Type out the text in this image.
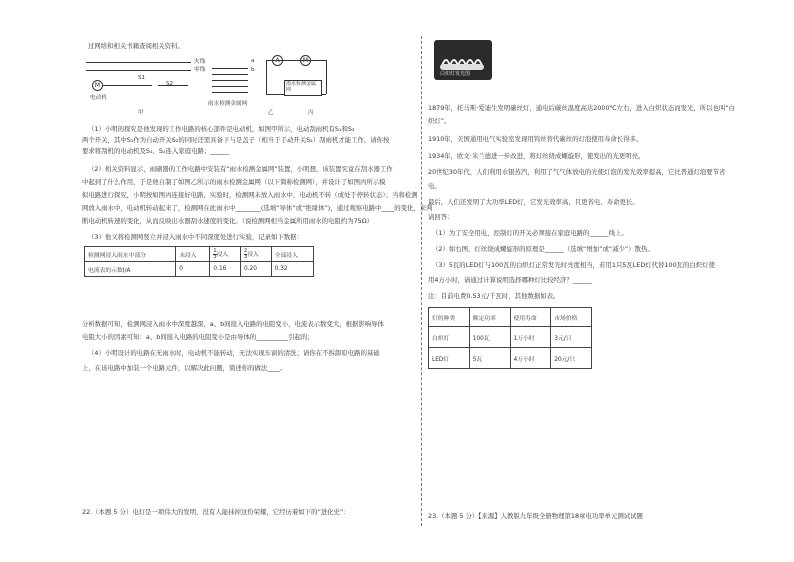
过网络和相关书籍查阅相关资料。
火线
零线
M
S1
S2
电动机
甲
a
b
雨水检测金属网
乙
A	M
雨水检测金属网
丙
（1）小明的探究是他发现的工作电路的核心部件是电动机，如图甲所示，电动刮雨机有S₁和S₂
两个开关，其中S₁作为自动开关S₂的同时还需具备下与是盖子（相当于手动开关S₂）刮雨机才能工作，请你按
要求将刮机的电动机及S₁、S₂连入家庭电路；______
（2）相关资料显示，雨刷器的工作电路中安装有“雨水检测金属网”装置，小明想，该装置究竟在刮水器工作
中起到了什么作用，于是他自制了如图乙所示的雨水检测金属网（以下简称检测网），并设计了如图丙所示模
拟电路进行探究，小明按如图丙连接好电路，实验时，检测网未放入雨水中，电动机不转（或处于停转状态）；当将检测
网放入雨水中，电动机转动起来了，检测网在此雨水中________(选填“导体”或“绝缘体”)，通过观察电路中____的变化，来判
断电动机转速的变化，从而反映出水器刮水速度的变化。（说检测网相当金属所用雨水的电阻约为75Ω）
（3）他又将检测网竖立并浸入雨水中不同深度处进行实验，记录如下数据：
检测网浸入雨水中部分	未浸入	$\frac{1}{3}$ 浸入	$\frac{2}{3}$ 浸入	全部浸入
电流表的示数I/A	0	0.16	0.20	0.32
分析数据可知，检测网浸入雨水中深度越深，a、b间接入电路的电阻变小，电流表示数变大，根据影响导体
电阻大小的因素可知：a、b间接入电路的电阻变小是由导体的__________引起的；
（4）小明设计的电路在无雨水时，电动机不能转动，无法实现车窗的清洗；请你在不拆卸原电路的基础
上，在该电路中加装一个电路元件，以解决此问题，简述你的做法____。
22.（本题 5 分）电灯是一项伟大的发明，没有人能抹掉这份荣耀，它经历着如下的“进化史”：
白炽灯发光图
1879年，托马斯·爱迪生发明碳丝灯，通电后碳丝温度高达2000℃左右，进入白炽状态而发光，所以也叫“白
炽灯”。
1910年，美国通用电气实验室发现用钨丝替代碳丝的灯泡使用寿命长得多。
1934年，欧文·米兰德进一步改进，将灯丝绕成螺旋形，使发出的光更明亮。
20世纪30年代，人们利用水银蒸汽，利用了气气体放电的光使灯泡的发光效率提高，它比普通灯泡要节省
电。
最后，人们还发明了大功率LED灯，它发光效率高，且更省电、寿命更长。
请回答：
（1）为了安全用电，控制灯的开关必须接在家庭电路的______线上。
（2）如右图，灯丝绕成螺旋形的原理是______（选填“增加”或“减少”）散热。
（3）5瓦的LED灯与100瓦的白炽灯正常发光时亮度相当，若用1只5瓦LED灯代替100瓦的白炽灯使
用4万小时，请通过计算说明选择哪种灯比较经济？______
注：目前电费0.53元/千瓦时，其他数据如表。
灯的种类	额定功率	使用寿命	市场价格
白炽灯	100瓦	1万小时	3元/只
LED灯	5瓦	4万小时	20元/只
23.（本题 5 分）【来源】人教版九年级全册物理第18章电功率单元测试试题
